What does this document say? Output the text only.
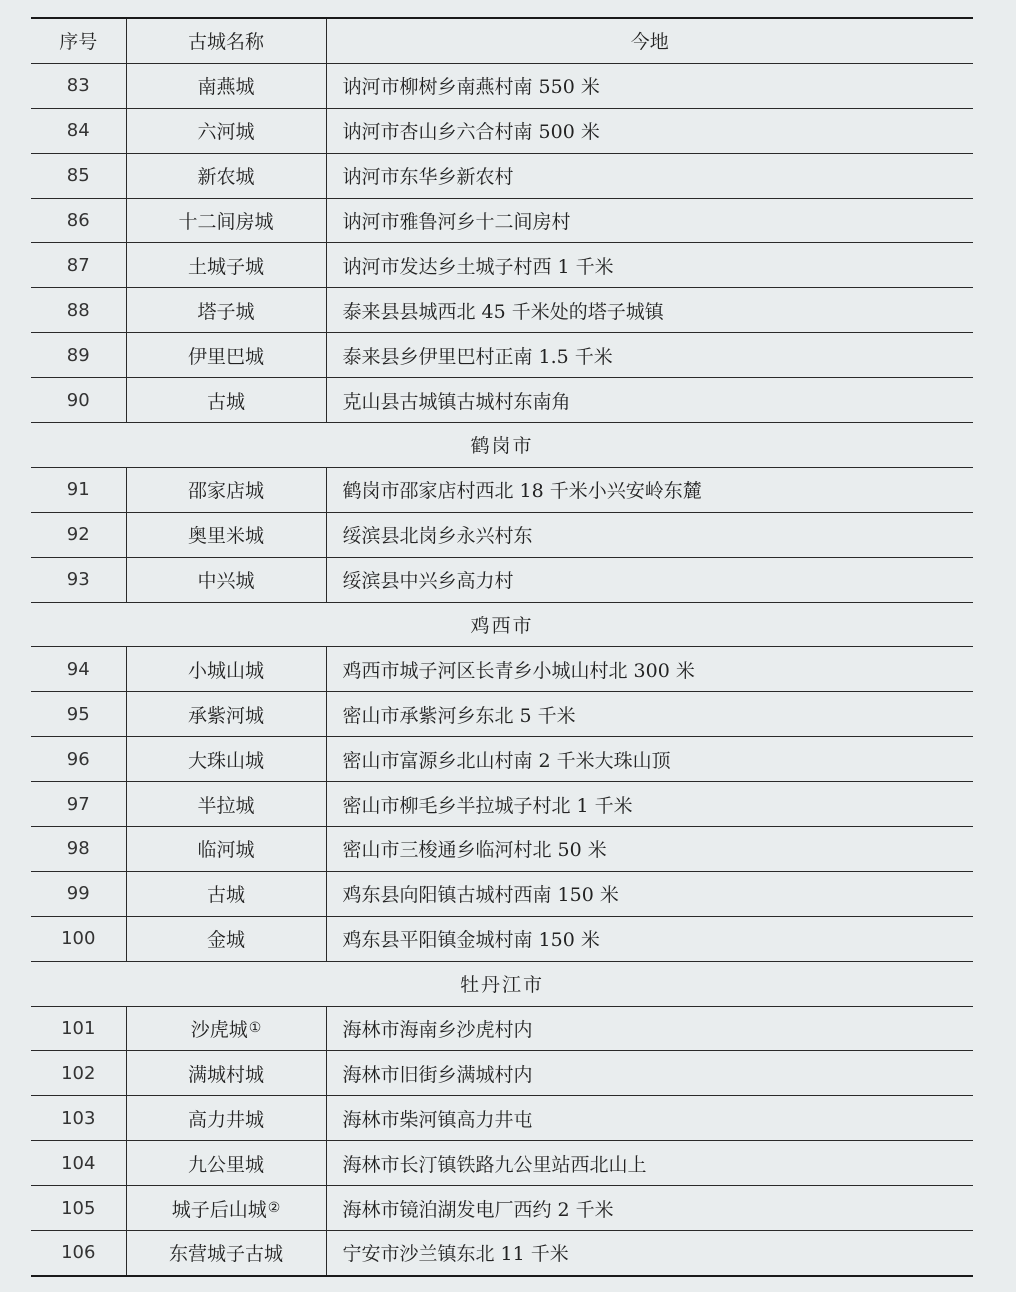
序号	古城名称	今地
83	南燕城	讷河市柳树乡南燕村南 550 米
84	六河城	讷河市杏山乡六合村南 500 米
85	新农城	讷河市东华乡新农村
86	十二间房城	讷河市雅鲁河乡十二间房村
87	土城子城	讷河市发达乡土城子村西 1 千米
88	塔子城	泰来县县城西北 45 千米处的塔子城镇
89	伊里巴城	泰来县乡伊里巴村正南 1.5 千米
90	古城	克山县古城镇古城村东南角
鹤岗市		
91	邵家店城	鹤岗市邵家店村西北 18 千米小兴安岭东麓
92	奥里米城	绥滨县北岗乡永兴村东
93	中兴城	绥滨县中兴乡高力村
鸡西市		
94	小城山城	鸡西市城子河区长青乡小城山村北 300 米
95	承紫河城	密山市承紫河乡东北 5 千米
96	大珠山城	密山市富源乡北山村南 2 千米大珠山顶
97	半拉城	密山市柳毛乡半拉城子村北 1 千米
98	临河城	密山市三梭通乡临河村北 50 米
99	古城	鸡东县向阳镇古城村西南 150 米
100	金城	鸡东县平阳镇金城村南 150 米
牡丹江市		
101	沙虎城①	海林市海南乡沙虎村内
102	满城村城	海林市旧街乡满城村内
103	高力井城	海林市柴河镇高力井屯
104	九公里城	海林市长汀镇铁路九公里站西北山上
105	城子后山城②	海林市镜泊湖发电厂西约 2 千米
106	东营城子古城	宁安市沙兰镇东北 11 千米
